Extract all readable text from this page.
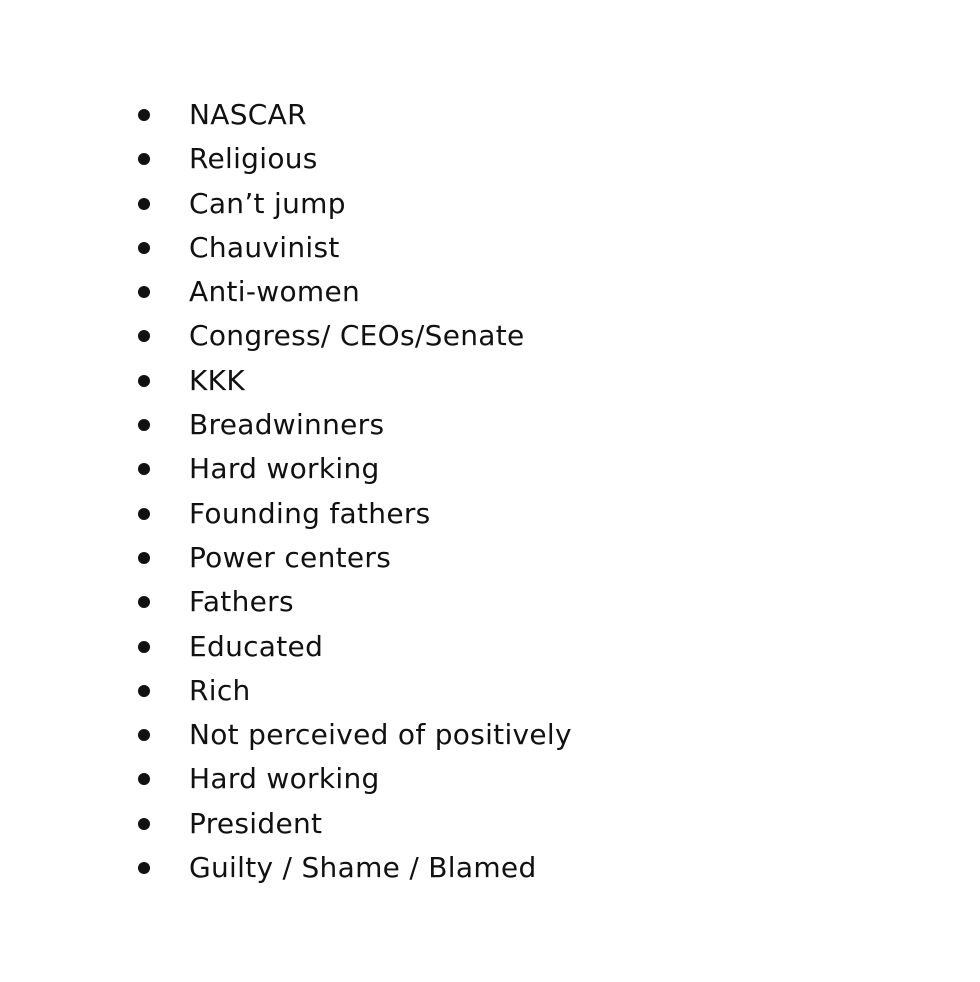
NASCAR
Religious
Can’t jump
Chauvinist
Anti-women
Congress/ CEOs/Senate
KKK
Breadwinners
Hard working
Founding fathers
Power centers
Fathers
Educated
Rich
Not perceived of positively
Hard working
President
Guilty / Shame / Blamed
